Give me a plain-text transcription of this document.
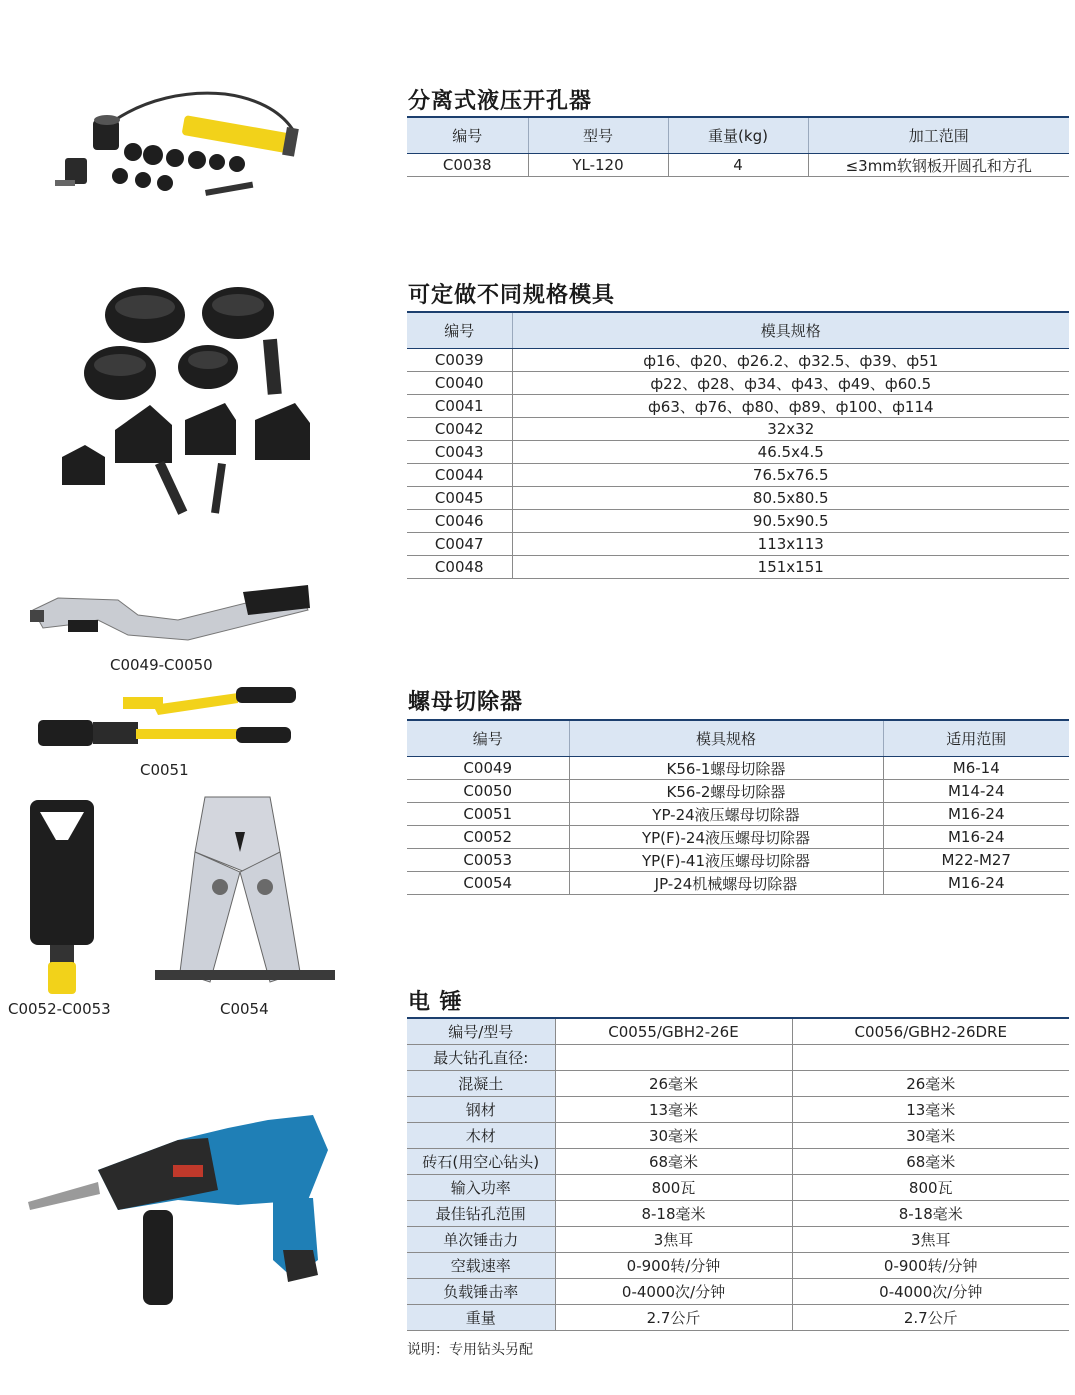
C0049-C0050
C0051
C0052-C0053	C0054
分离式液压开孔器
编号	型号	重量(kg)	加工范围
C0038	YL-120	4	≤3mm软钢板开圆孔和方孔
可定做不同规格模具
编号	模具规格
C0039	ф16、ф20、ф26.2、ф32.5、ф39、ф51
C0040	ф22、ф28、ф34、ф43、ф49、ф60.5
C0041	ф63、ф76、ф80、ф89、ф100、ф114
C0042	32x32
C0043	46.5x4.5
C0044	76.5x76.5
C0045	80.5x80.5
C0046	90.5x90.5
C0047	113x113
C0048	151x151
螺母切除器
编号	模具规格	适用范围
C0049	K56-1螺母切除器	M6-14
C0050	K56-2螺母切除器	M14-24
C0051	YP-24液压螺母切除器	M16-24
C0052	YP(F)-24液压螺母切除器	M16-24
C0053	YP(F)-41液压螺母切除器	M22-M27
C0054	JP-24机械螺母切除器	M16-24
电 锤
编号/型号	C0055/GBH2-26E	C0056/GBH2-26DRE
最大钻孔直径:		
混凝土	26毫米	26毫米
钢材	13毫米	13毫米
木材	30毫米	30毫米
砖石(用空心钻头)	68毫米	68毫米
输入功率	800瓦	800瓦
最佳钻孔范围	8-18毫米	8-18毫米
单次锤击力	3焦耳	3焦耳
空载速率	0-900转/分钟	0-900转/分钟
负载锤击率	0-4000次/分钟	0-4000次/分钟
重量	2.7公斤	2.7公斤
说明：专用钻头另配
